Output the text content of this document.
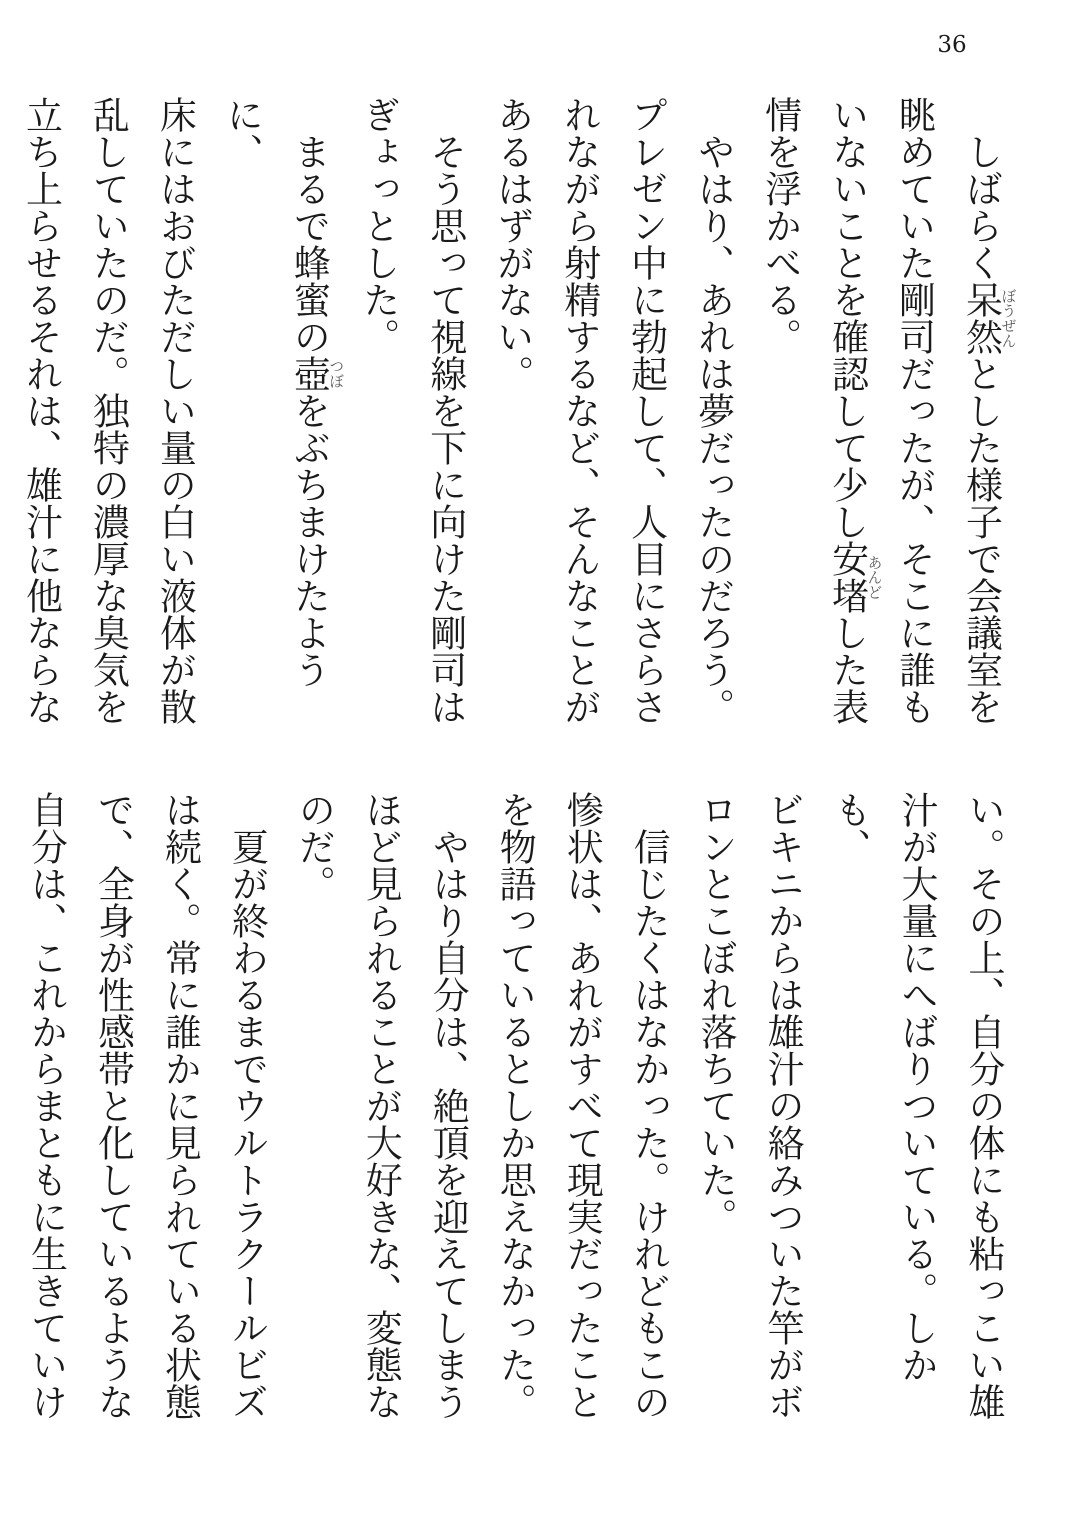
36

しばらく呆然ぼうぜんとした様子で会議室を
眺めていた剛司だったが、そこに誰も
いないことを確認して少し安堵あんどした表
情を浮かべる。

やはり、あれは夢だったのだろう。
プレゼン中に勃起して、人目にさらさ
れながら射精するなど、そんなことが
あるはずがない。

そう思って視線を下に向けた剛司は
ぎょっとした。

まるで蜂蜜の壺つぼをぶちまけたように、
床にはおびただしい量の白い液体が散
乱していたのだ。独特の濃厚な臭気を
立ち上らせるそれは、雄汁に他ならな

い。その上、自分の体にも粘っこい雄
汁が大量にへばりついている。しかも、
ビキニからは雄汁の絡みついた竿がボ
ロンとこぼれ落ちていた。

信じたくはなかった。けれどもこの
惨状は、あれがすべて現実だったこと
を物語っているとしか思えなかった。

やはり自分は、絶頂を迎えてしまう
ほど見られることが大好きな、変態な
のだ。

夏が終わるまでウルトラクールビズ
は続く。常に誰かに見られている状態
で、全身が性感帯と化しているような
自分は、これからまともに生きていけ
